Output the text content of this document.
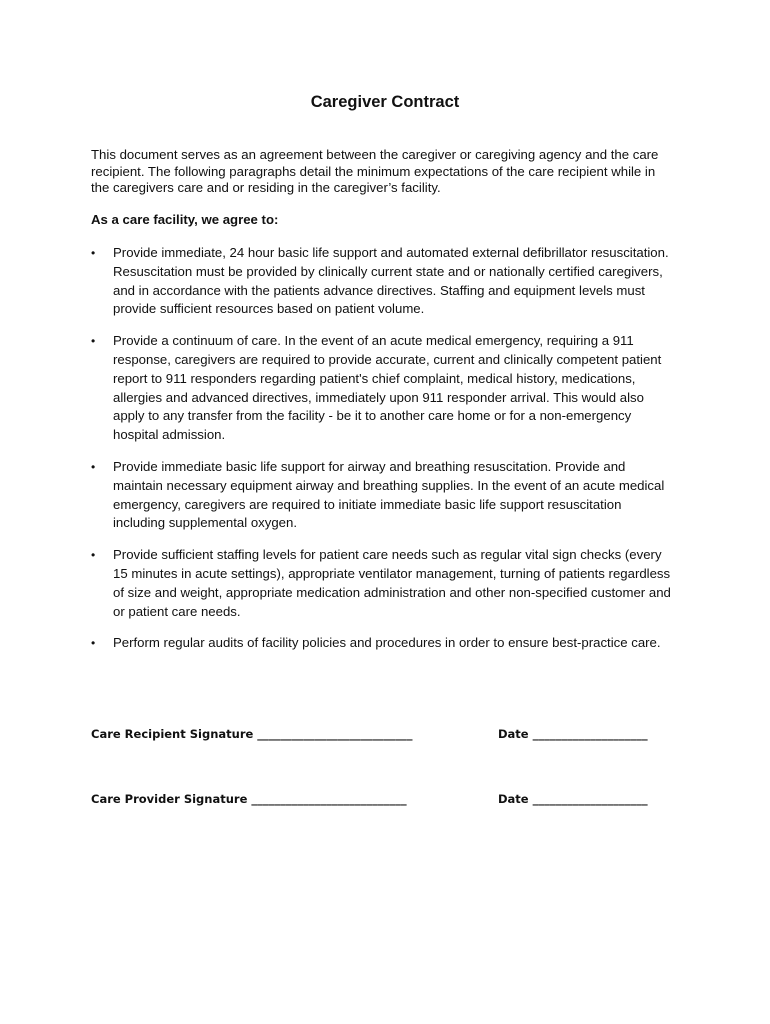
Caregiver Contract

This document serves as an agreement between the caregiver or caregiving agency and the care recipient. The following paragraphs detail the minimum expectations of the care recipient while in the caregivers care and or residing in the caregiver’s facility.

As a care facility, we agree to:

• Provide immediate, 24 hour basic life support and automated external defibrillator resuscitation. Resuscitation must be provided by clinically current state and or nationally certified caregivers, and in accordance with the patients advance directives. Staffing and equipment levels must provide sufficient resources based on patient volume.
• Provide a continuum of care. In the event of an acute medical emergency, requiring a 911 response, caregivers are required to provide accurate, current and clinically competent patient report to 911 responders regarding patient's chief complaint, medical history, medications, allergies and advanced directives, immediately upon 911 responder arrival. This would also apply to any transfer from the facility - be it to another care home or for a non-emergency hospital admission.
• Provide immediate basic life support for airway and breathing resuscitation. Provide and maintain necessary equipment airway and breathing supplies. In the event of an acute medical emergency, caregivers are required to initiate immediate basic life support resuscitation including supplemental oxygen.
• Provide sufficient staffing levels for patient care needs such as regular vital sign checks (every 15 minutes in acute settings), appropriate ventilator management, turning of patients regardless of size and weight, appropriate medication administration and other non-specified customer and or patient care needs.
• Perform regular audits of facility policies and procedures in order to ensure best-practice care.
Care Recipient Signature ___________________________	Date ____________________
Care Provider Signature ___________________________	Date ____________________
